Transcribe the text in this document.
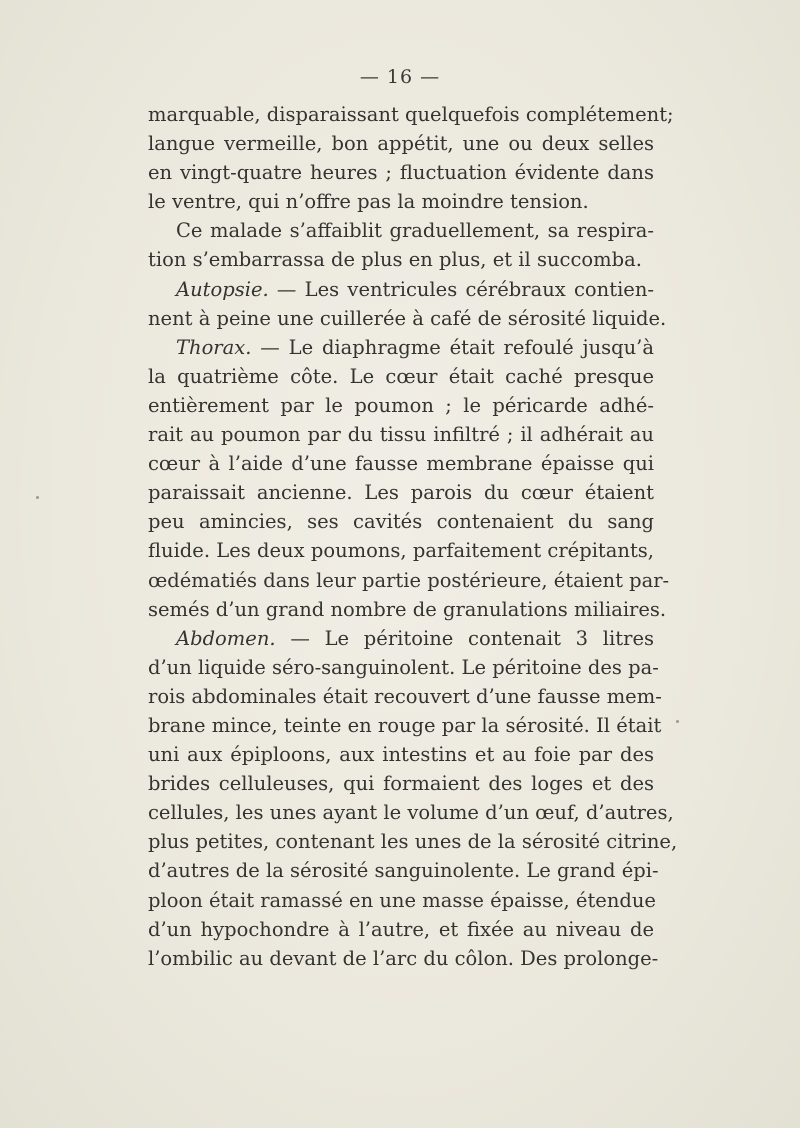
— 16 —
marquable, disparaissant quelquefois complétement;
langue vermeille, bon appétit, une ou deux selles
en vingt-quatre heures ; fluctuation évidente dans
le ventre, qui n’offre pas la moindre tension.
Ce malade s’affaiblit graduellement, sa respira-
tion s’embarrassa de plus en plus, et il succomba.
Autopsie. — Les ventricules cérébraux contien-
nent à peine une cuillerée à café de sérosité liquide.
Thorax. — Le diaphragme était refoulé jusqu’à
la quatrième côte. Le cœur était caché presque
entièrement par le poumon ; le péricarde adhé-
rait au poumon par du tissu infiltré ; il adhérait au
cœur à l’aide d’une fausse membrane épaisse qui
paraissait ancienne. Les parois du cœur étaient
peu amincies, ses cavités contenaient du sang
fluide. Les deux poumons, parfaitement crépitants,
œdématiés dans leur partie postérieure, étaient par-
semés d’un grand nombre de granulations miliaires.
Abdomen. — Le péritoine contenait 3 litres
d’un liquide séro-sanguinolent. Le péritoine des pa-
rois abdominales était recouvert d’une fausse mem-
brane mince, teinte en rouge par la sérosité. Il était
uni aux épiploons, aux intestins et au foie par des
brides celluleuses, qui formaient des loges et des
cellules, les unes ayant le volume d’un œuf, d’autres,
plus petites, contenant les unes de la sérosité citrine,
d’autres de la sérosité sanguinolente. Le grand épi-
ploon était ramassé en une masse épaisse, étendue
d’un hypochondre à l’autre, et fixée au niveau de
l’ombilic au devant de l’arc du côlon. Des prolonge-
